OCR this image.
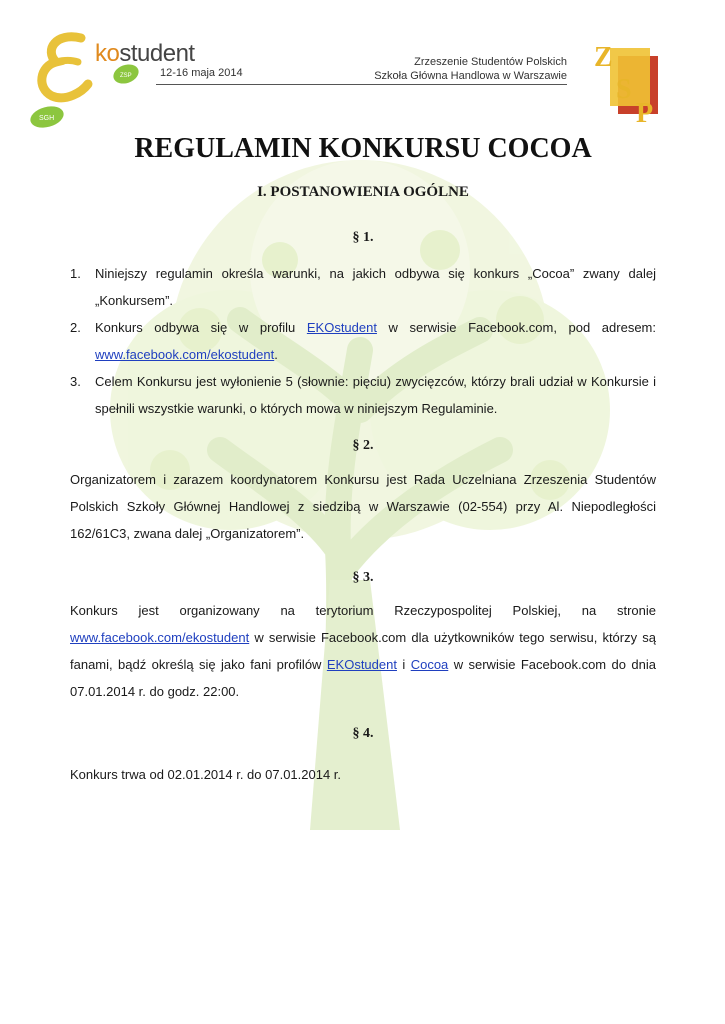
ZSP
SGH
kostudent
12-16 maja 2014
Zrzeszenie Studentów Polskich
Szkoła Główna Handlowa w Warszawie
Z
S
P
REGULAMIN KONKURSU COCOA
I. POSTANOWIENIA OGÓLNE
§ 1.
1. Niniejszy regulamin określa warunki, na jakich odbywa się konkurs „Cocoa” zwany dalej „Konkursem”.
2. Konkurs odbywa się w profilu EKOstudent w serwisie Facebook.com, pod adresem: www.facebook.com/ekostudent.
3. Celem Konkursu jest wyłonienie 5 (słownie: pięciu) zwycięzców, którzy brali udział w Konkursie i spełnili wszystkie warunki, o których mowa w niniejszym Regulaminie.
§ 2.
Organizatorem i zarazem koordynatorem Konkursu jest Rada Uczelniana Zrzeszenia Studentów Polskich Szkoły Głównej Handlowej z siedzibą w Warszawie (02-554) przy Al. Niepodległości 162/61C3, zwana dalej „Organizatorem”.
§ 3.
Konkurs jest organizowany na terytorium Rzeczypospolitej Polskiej, na stronie www.facebook.com/ekostudent w serwisie Facebook.com dla użytkowników tego serwisu, którzy są fanami, bądź określą się jako fani profilów EKOstudent i Cocoa w serwisie Facebook.com do dnia 07.01.2014 r. do godz. 22:00.
§ 4.
Konkurs trwa od 02.01.2014 r. do 07.01.2014 r.
